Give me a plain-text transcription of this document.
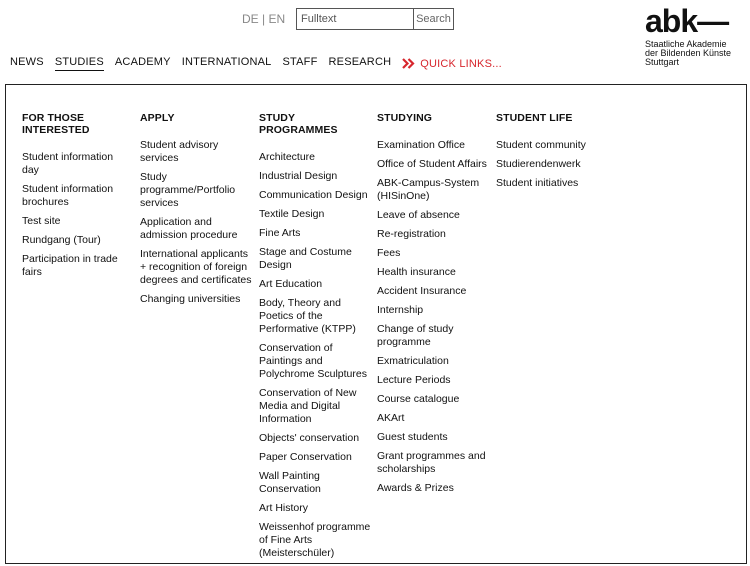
DE | EN
Fulltext	Search	abk—
Staatliche Akademie
der Bildenden Künste
Stuttgart
NEWS STUDIES ACADEMY INTERNATIONAL STAFF RESEARCH	QUICK LINKS...
FOR THOSE INTERESTED
Student information day
Student information brochures
Test site
Rundgang (Tour)
Participation in trade fairs
APPLY
Student advisory services
Study programme/Portfolio services
Application and admission procedure
International applicants + recognition of foreign degrees and certificates
Changing universities
STUDY PROGRAMMES
Architecture
Industrial Design
Communication Design
Textile Design
Fine Arts
Stage and Costume Design
Art Education
Body, Theory and Poetics of the Performative (KTPP)
Conservation of Paintings and Polychrome Sculptures
Conservation of New Media and Digital Information
Objects' conservation
Paper Conservation
Wall Painting Conservation
Art History
Weissenhof programme of Fine Arts (Meisterschüler)
STUDYING
Examination Office
Office of Student Affairs
ABK-Campus-System (HISinOne)
Leave of absence
Re-registration
Fees
Health insurance
Accident Insurance
Internship
Change of study programme
Exmatriculation
Lecture Periods
Course catalogue
AKArt
Guest students
Grant programmes and scholarships
Awards & Prizes
STUDENT LIFE
Student community
Studierendenwerk
Student initiatives
